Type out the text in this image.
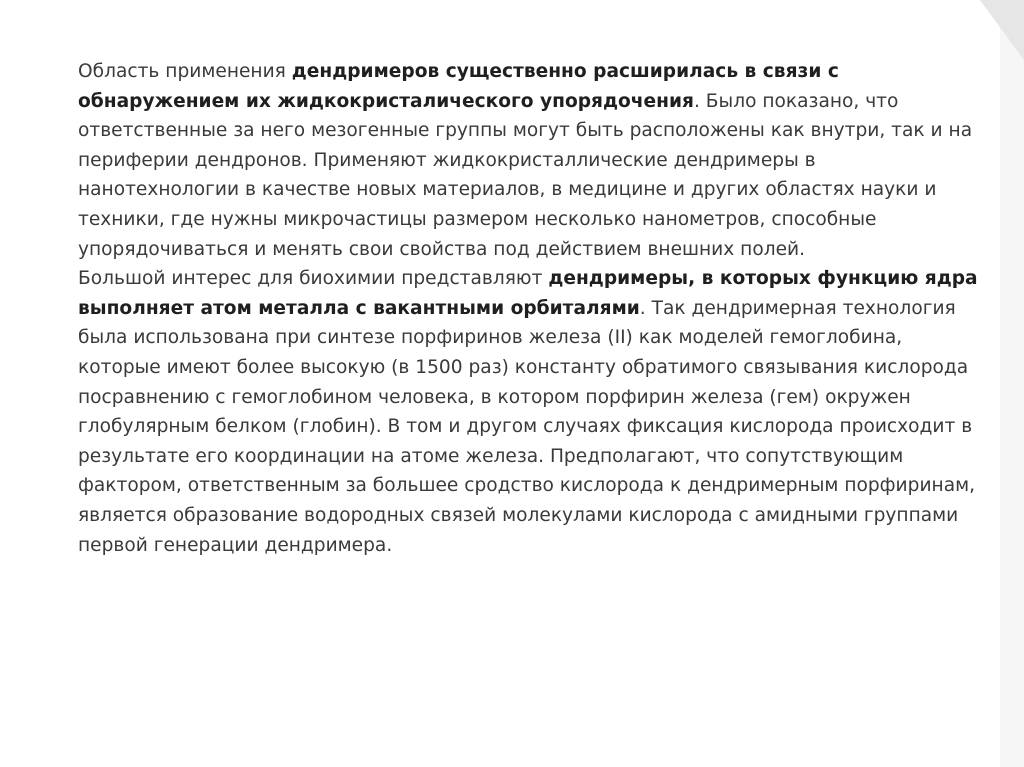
Область применения дендримеров существенно расширилась в связи с обнаружением их жидкокристалического упорядочения. Было показано, что ответственные за него мезогенные группы могут быть расположены как внутри, так и на периферии дендронов. Применяют жидкокристаллические дендримеры в нанотехнологии в качестве новых материалов, в медицине и других областях науки и техники, где нужны микрочастицы размером несколько нанометров, способные упорядочиваться и менять свои свойства под действием внешних полей.

Большой интерес для биохимии представляют дендримеры, в которых функцию ядра выполняет атом металла с вакантными орбиталями. Так дендримерная технология была использована при синтезе порфиринов железа (II) как моделей гемоглобина, которые имеют более высокую (в 1500 раз) константу обратимого связывания кислорода посравнению с гемоглобином человека, в котором порфирин железа (гем) окружен глобулярным белком (глобин). В том и другом случаях фиксация кислорода происходит в результате его координации на атоме железа. Предполагают, что сопутствующим фактором, ответственным за большее сродство кислорода к дендримерным порфиринам, является образование водородных связей молекулами кислорода с амидными группами первой генерации дендримера.
